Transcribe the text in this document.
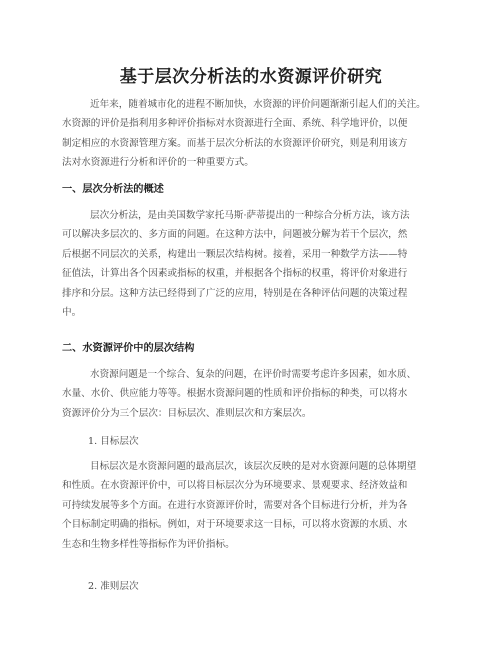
基于层次分析法的水资源评价研究
近年来，随着城市化的进程不断加快，水资源的评价问题渐渐引起人们的关注。
水资源的评价是指利用多种评价指标对水资源进行全面、系统、科学地评价，以便
制定相应的水资源管理方案。而基于层次分析法的水资源评价研究，则是利用该方
法对水资源进行分析和评价的一种重要方式。
一、层次分析法的概述
层次分析法，是由美国数学家托马斯·萨蒂提出的一种综合分析方法，该方法
可以解决多层次的、多方面的问题。在这种方法中，问题被分解为若干个层次，然
后根据不同层次的关系，构建出一颗层次结构树。接着，采用一种数学方法——特
征值法，计算出各个因素或指标的权重，并根据各个指标的权重，将评价对象进行
排序和分层。这种方法已经得到了广泛的应用，特别是在各种评估问题的决策过程
中。
二、水资源评价中的层次结构
水资源问题是一个综合、复杂的问题，在评价时需要考虑许多因素，如水质、
水量、水价、供应能力等等。根据水资源问题的性质和评价指标的种类，可以将水
资源评价分为三个层次：目标层次、准则层次和方案层次。
1. 目标层次
目标层次是水资源问题的最高层次，该层次反映的是对水资源问题的总体期望
和性质。在水资源评价中，可以将目标层次分为环境要求、景观要求、经济效益和
可持续发展等多个方面。在进行水资源评价时，需要对各个目标进行分析，并为各
个目标制定明确的指标。例如，对于环境要求这一目标，可以将水资源的水质、水
生态和生物多样性等指标作为评价指标。
2. 准则层次
